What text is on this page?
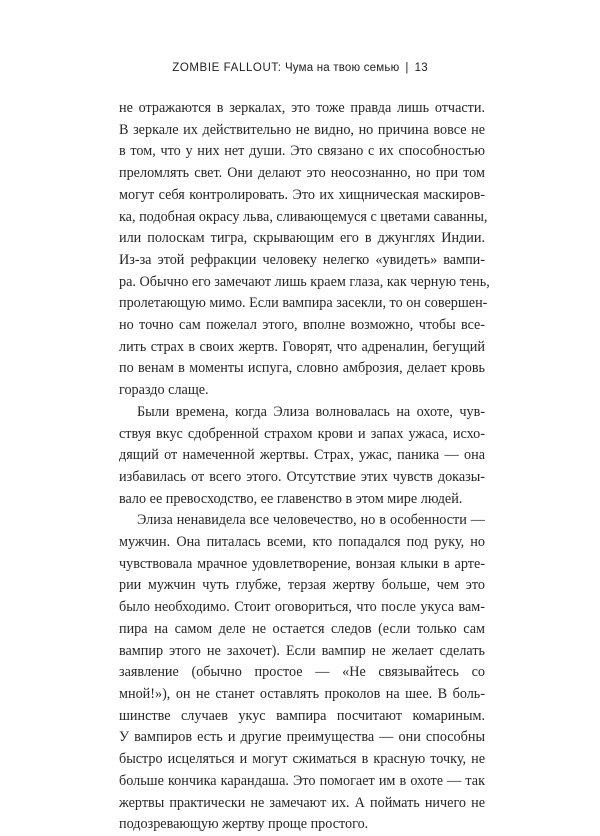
ZOMBIE FALLOUT: Чума на твою семью | 13

не отражаются в зеркалах, это тоже правда лишь отчасти.
В зеркале их действительно не видно, но причина вовсе не
в том, что у них нет души. Это связано с их способностью
преломлять свет. Они делают это неосознанно, но при том
могут себя контролировать. Это их хищническая маскиров-
ка, подобная окрасу льва, сливающемуся с цветами саванны,
или полоскам тигра, скрывающим его в джунглях Индии.
Из-за этой рефракции человеку нелегко «увидеть» вампи-
ра. Обычно его замечают лишь краем глаза, как черную тень,
пролетающую мимо. Если вампира засекли, то он совершен-
но точно сам пожелал этого, вполне возможно, чтобы всe-
лить страх в своих жертв. Говорят, что адреналин, бегущий
по венам в моменты испуга, словно амброзия, делает кровь
гораздо слаще.

Были времена, когда Элиза волновалась на охоте, чув-
ствуя вкус сдобренной страхом крови и запах ужаса, исхо-
дящий от намеченной жертвы. Страх, ужас, паника — она
избавилась от всего этого. Отсутствие этих чувств доказы-
вало ее превосходство, ее главенство в этом мире людей.

Элиза ненавидела все человечество, но в особенности —
мужчин. Она питалась всеми, кто попадался под руку, но
чувствовала мрачное удовлетворение, вонзая клыки в арте-
рии мужчин чуть глубже, терзая жертву больше, чем это
было необходимо. Стоит оговориться, что после укуса вам-
пира на самом деле не остается следов (если только сам
вампир этого не захочет). Если вампир не желает сделать
заявление (обычно простое — «Не связывайтесь со
мной!»), он не станет оставлять проколов на шее. В боль-
шинстве случаев укус вампира посчитают комариным.
У вампиров есть и другие преимущества — они способны
быстро исцеляться и могут сжиматься в красную точку, не
больше кончика карандаша. Это помогает им в охоте — так
жертвы практически не замечают их. А поймать ничего не
подозревающую жертву проще простого.
